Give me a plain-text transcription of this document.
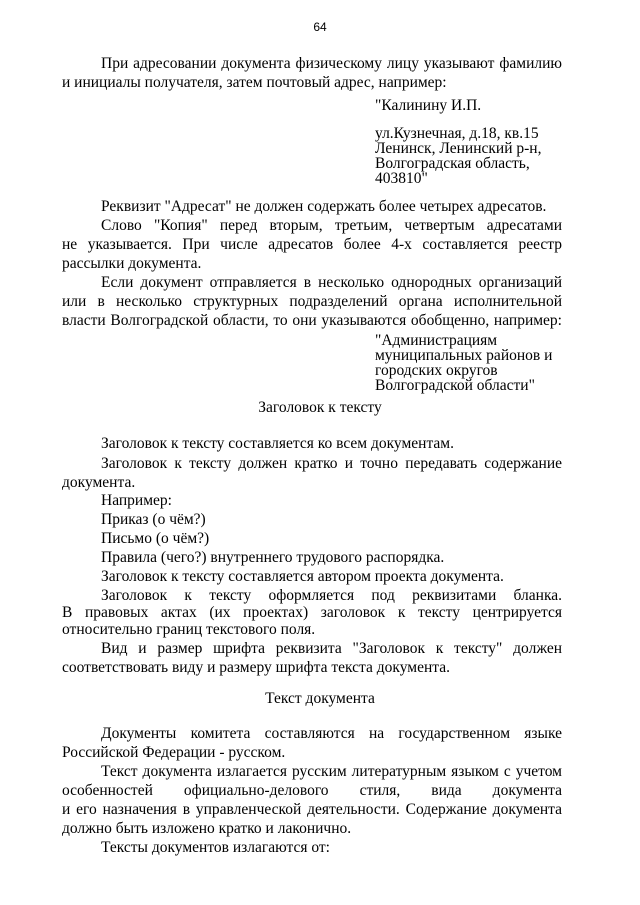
64
При адресовании документа физическому лицу указывают фамилию
и инициалы получателя, затем почтовый адрес, например:
"Калинину И.П.
ул.Кузнечная, д.18, кв.15
Ленинск, Ленинский р-н,
Волгоградская область,
403810"
Реквизит "Адресат" не должен содержать более четырех адресатов.
Слово "Копия" перед вторым, третьим, четвертым адресатами
не указывается. При числе адресатов более 4-х составляется реестр
рассылки документа.
Если документ отправляется в несколько однородных организаций
или в несколько структурных подразделений органа исполнительной
власти Волгоградской области, то они указываются обобщенно, например:
"Администрациям
муниципальных районов и
городских округов
Волгоградской области"
Заголовок к тексту
Заголовок к тексту составляется ко всем документам.
Заголовок к тексту должен кратко и точно передавать содержание
документа.
Например:
Приказ (о чём?)
Письмо (о чём?)
Правила (чего?) внутреннего трудового распорядка.
Заголовок к тексту составляется автором проекта документа.
Заголовок к тексту оформляется под реквизитами бланка.
В правовых актах (их проектах) заголовок к тексту центрируется
относительно границ текстового поля.
Вид и размер шрифта реквизита "Заголовок к тексту" должен
соответствовать виду и размеру шрифта текста документа.
Текст документа
Документы комитета составляются на государственном языке
Российской Федерации - русском.
Текст документа излагается русским литературным языком с учетом
особенностей официально-делового стиля, вида документа
и его назначения в управленческой деятельности. Содержание документа
должно быть изложено кратко и лаконично.
Тексты документов излагаются от:
